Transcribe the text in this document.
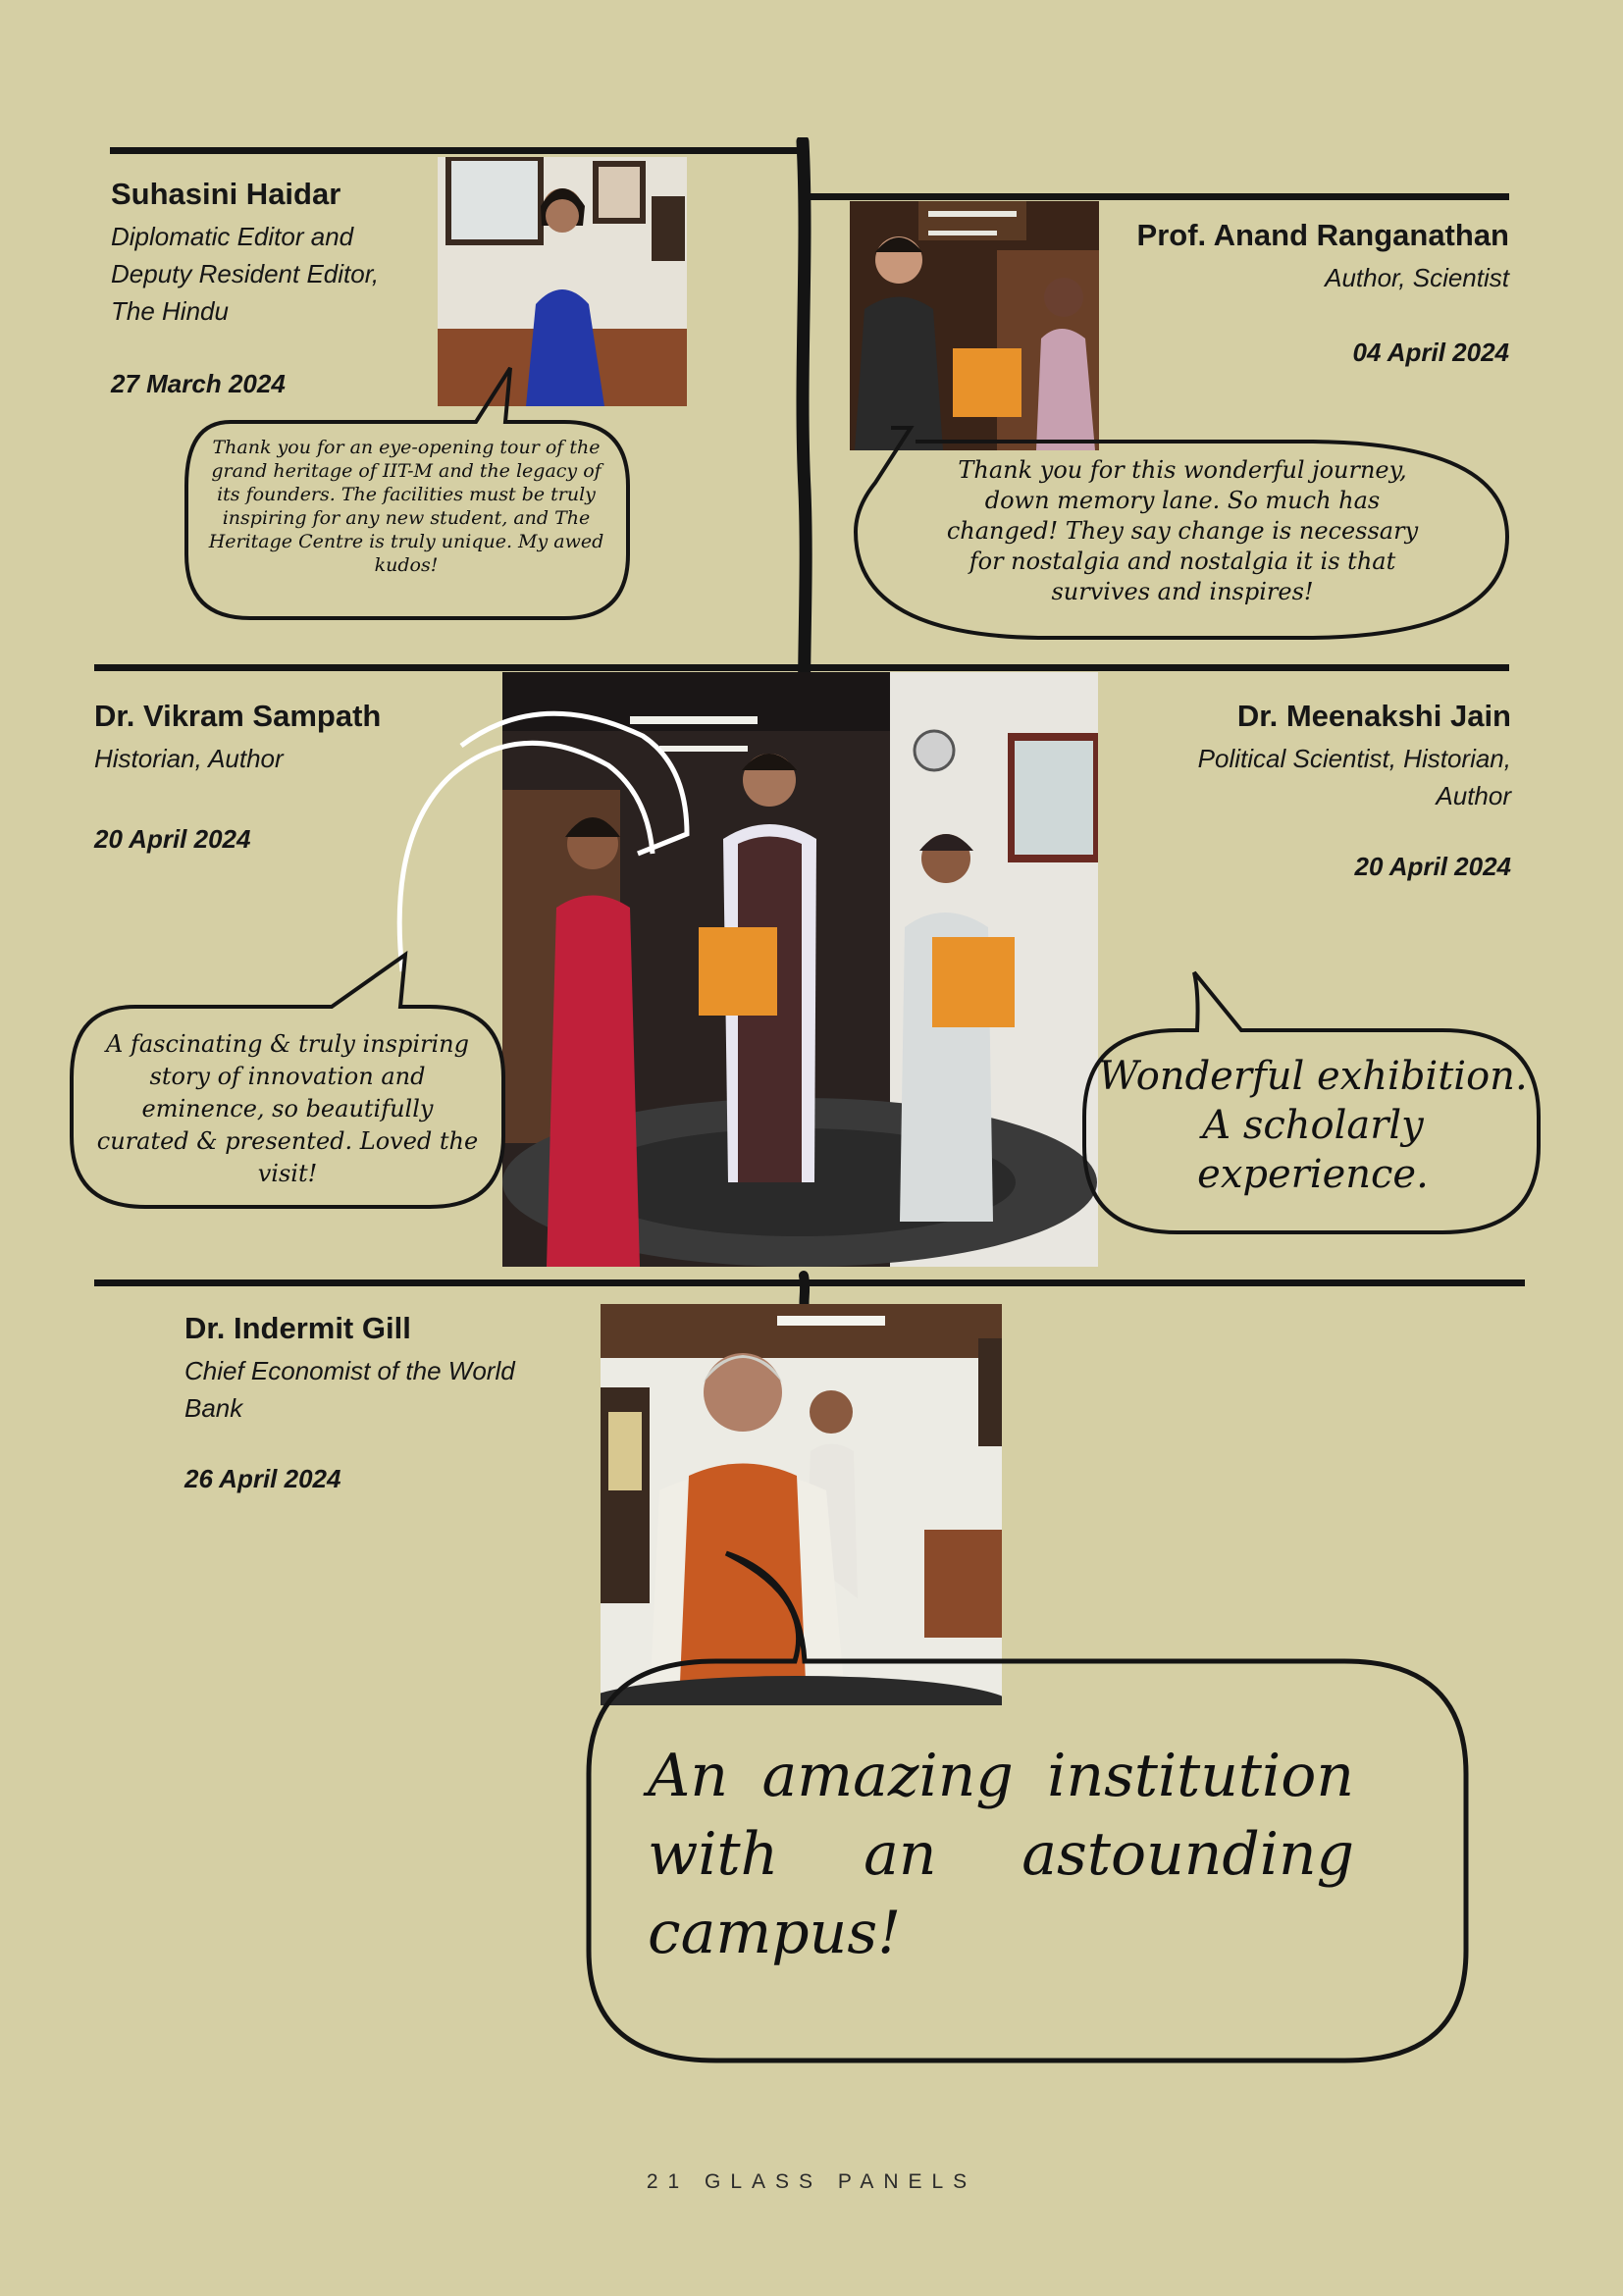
Suhasini Haidar
Diplomatic Editor and
Deputy Resident Editor,
The Hindu
27 March 2024
Thank you for an eye-opening tour of the grand heritage of IIT-M and the legacy of its founders. The facilities must be truly inspiring for any new student, and The Heritage Centre is truly unique. My awed kudos!
Prof. Anand Ranganathan
Author, Scientist
04 April 2024
Thank you for this wonderful journey, down memory lane. So much has changed! They say change is necessary for nostalgia and nostalgia it is that survives and inspires!
Dr. Vikram Sampath
Historian, Author
20 April 2024
A fascinating & truly inspiring story of innovation and eminence, so beautifully curated & presented. Loved the visit!
Dr. Meenakshi Jain
Political Scientist, Historian,
Author
20 April 2024
Wonderful exhibition. A scholarly experience.
Dr. Indermit Gill
Chief Economist of the World
Bank
26 April 2024
An amazing institution with an astounding campus!
21 GLASS PANELS
